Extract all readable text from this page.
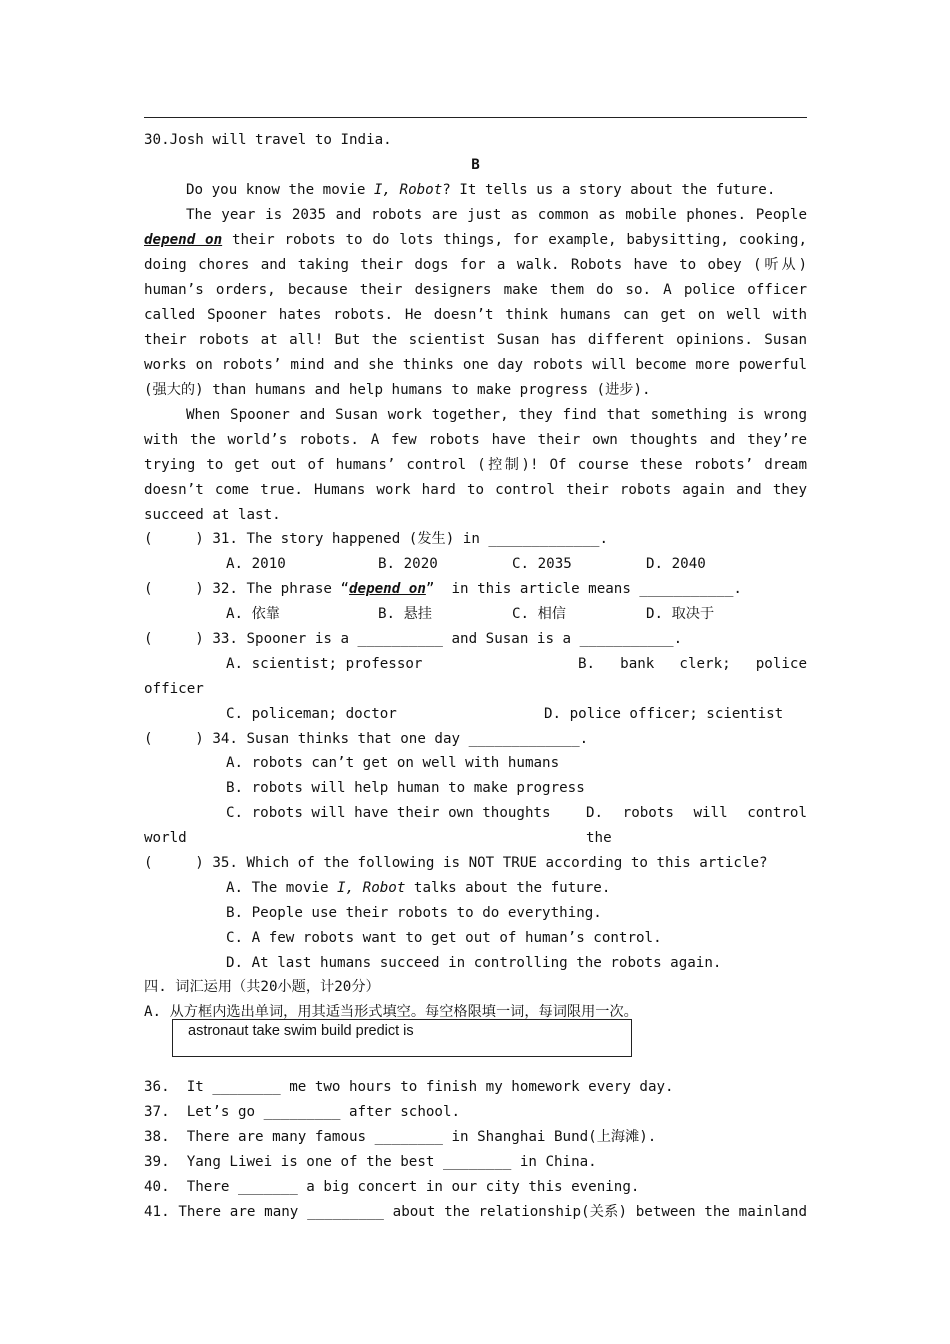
30.Josh will travel to India.
B
Do you know the movie I, Robot? It tells us a story about the future.
The year is 2035 and robots are just as common as mobile phones. People
depend on their robots to do lots things, for example, babysitting, cooking,
doing chores and taking their dogs for a walk. Robots have to obey (听从)
human’s orders, because their designers make them do so. A police officer
called Spooner hates robots. He doesn’t think humans can get on well with
their robots at all! But the scientist Susan has different opinions. Susan
works on robots’ mind and she thinks one day robots will become more powerful
(强大的) than humans and help humans to make progress (进步).
When Spooner and Susan work together, they find that something is wrong
with the world’s robots. A few robots have their own thoughts and they’re
trying to get out of humans’ control (控制)! Of course these robots’ dream
doesn’t come true. Humans work hard to control their robots again and they
succeed at last.
(     ) 31. The story happened (发生) in _____________.

A. 2010

	B. 2020

	C. 2035

	D. 2040

(     ) 32. The phrase “depend on”  in this article means ___________.

A. 依靠

	B. 悬挂

	C. 相信

	D. 取决于

(     ) 33. Spooner is a __________ and Susan is a ___________.

A. scientist; professor

	B. bank clerk; police

officer

C. policeman; doctor

	D. police officer; scientist

(     ) 34. Susan thinks that one day _____________.
A. robots can’t get on well with humans
B. robots will help human to make progress

C. robots will have their own thoughts

D. robots will control the

world
(     ) 35. Which of the following is NOT TRUE according to this article?
A. The movie I, Robot talks about the future.
B. People use their robots to do everything.
C. A few robots want to get out of human’s control.
D. At last humans succeed in controlling the robots again.
四. 词汇运用（共20小题，计20分）
A. 从方框内选出单词，用其适当形式填空。每空格限填一词，每词限用一次。
astronaut take swim build predict is
36.  It ________ me two hours to finish my homework every day.
37.  Let’s go _________ after school.
38.  There are many famous ________ in Shanghai Bund(上海滩).
39.  Yang Liwei is one of the best ________ in China.
40.  There _______ a big concert in our city this evening.
41. There are many _________ about the relationship(关系) between the mainland
